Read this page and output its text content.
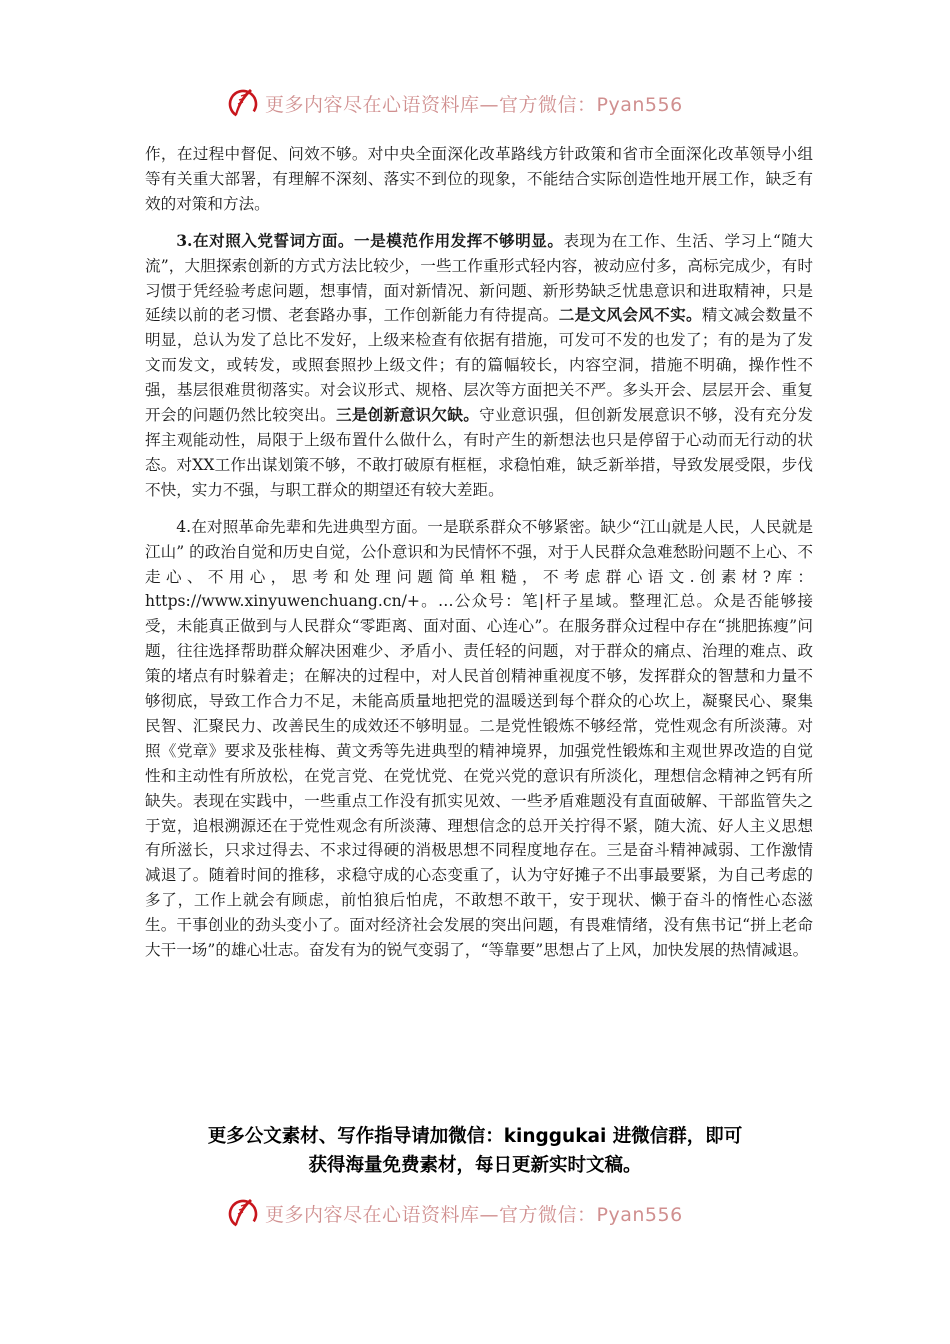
更多内容尽在心语资料库—官方微信：Pyan556

作，在过程中督促、问效不够。对中央全面深化改革路线方针政策和省市全面深化改革领导小组等有关重大部署，有理解不深刻、落实不到位的现象，不能结合实际创造性地开展工作，缺乏有效的对策和方法。

3.在对照入党誓词方面。一是模范作用发挥不够明显。表现为在工作、生活、学习上“随大流”，大胆探索创新的方式方法比较少，一些工作重形式轻内容，被动应付多，高标完成少，有时习惯于凭经验考虑问题，想事情，面对新情况、新问题、新形势缺乏忧患意识和进取精神，只是延续以前的老习惯、老套路办事，工作创新能力有待提高。二是文风会风不实。精文减会数量不明显，总认为发了总比不发好，上级来检查有依据有措施，可发可不发的也发了；有的是为了发文而发文，或转发，或照套照抄上级文件；有的篇幅较长，内容空洞，措施不明确，操作性不强，基层很难贯彻落实。对会议形式、规格、层次等方面把关不严。多头开会、层层开会、重复开会的问题仍然比较突出。三是创新意识欠缺。守业意识强，但创新发展意识不够，没有充分发挥主观能动性，局限于上级布置什么做什么，有时产生的新想法也只是停留于心动而无行动的状态。对XX工作出谋划策不够，不敢打破原有框框，求稳怕难，缺乏新举措，导致发展受限，步伐不快，实力不强，与职工群众的期望还有较大差距。

4.在对照革命先辈和先进典型方面。一是联系群众不够紧密。缺少“江山就是人民，人民就是江山” 的政治自觉和历史自觉，公仆意识和为民情怀不强，对于人民群众急难愁盼问题不上心、不走心、不用心，思考和处理问题简单粗糙，不考虑群心语文.创素材?库：https://www.xinyuwenchuang.cn/+。…公众号：笔|杆子星域。整理汇总。众是否能够接受，未能真正做到与人民群众“零距离、面对面、心连心”。在服务群众过程中存在“挑肥拣瘦”问题，往往选择帮助群众解决困难少、矛盾小、责任轻的问题，对于群众的痛点、治理的难点、政策的堵点有时躲着走；在解决的过程中，对人民首创精神重视度不够，发挥群众的智慧和力量不够彻底，导致工作合力不足，未能高质量地把党的温暖送到每个群众的心坎上，凝聚民心、聚集民智、汇聚民力、改善民生的成效还不够明显。二是党性锻炼不够经常，党性观念有所淡薄。对照《党章》要求及张桂梅、黄文秀等先进典型的精神境界，加强党性锻炼和主观世界改造的自觉性和主动性有所放松，在党言党、在党忧党、在党兴党的意识有所淡化，理想信念精神之钙有所缺失。表现在实践中，一些重点工作没有抓实见效、一些矛盾难题没有直面破解、干部监管失之于宽，追根溯源还在于党性观念有所淡薄、理想信念的总开关拧得不紧，随大流、好人主义思想有所滋长，只求过得去、不求过得硬的消极思想不同程度地存在。三是奋斗精神减弱、工作激情减退了。随着时间的推移，求稳守成的心态变重了，认为守好摊子不出事最要紧，为自己考虑的多了，工作上就会有顾虑，前怕狼后怕虎，不敢想不敢干，安于现状、懒于奋斗的惰性心态滋生。干事创业的劲头变小了。面对经济社会发展的突出问题，有畏难情绪，没有焦书记“拼上老命大干一场”的雄心壮志。奋发有为的锐气变弱了，“等靠要”思想占了上风，加快发展的热情减退。

更多公文素材、写作指导请加微信：kinggukai 进微信群，即可
获得海量免费素材，每日更新实时文稿。
更多内容尽在心语资料库—官方微信：Pyan556
